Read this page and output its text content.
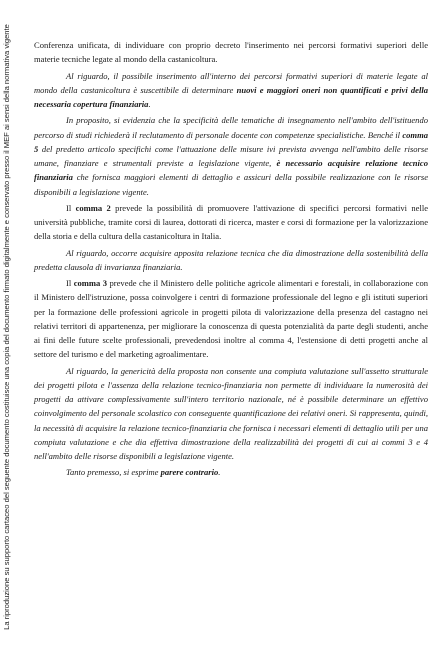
La riproduzione su supporto cartaceo del seguente documento costituisce una copia del documento firmato digitalmente e conservato presso il MEF ai sensi della normativa vigente	Conferenza unificata, di individuare con proprio decreto l'inserimento nei percorsi formativi superiori delle materie tecniche legate al mondo della castanicoltura.

Al riguardo, il possibile inserimento all'interno dei percorsi formativi superiori di materie legate al mondo della castanicoltura è suscettibile di determinare nuovi e maggiori oneri non quantificati e privi della necessaria copertura finanziaria.

In proposito, si evidenzia che la specificità delle tematiche di insegnamento nell'ambito dell'istituendo percorso di studi richiederà il reclutamento di personale docente con competenze specialistiche. Benché il comma 5 del predetto articolo specifichi come l'attuazione delle misure ivi prevista avvenga nell'ambito delle risorse umane, finanziare e strumentali previste a legislazione vigente, è necessario acquisire relazione tecnico finanziaria che fornisca maggiori elementi di dettaglio e assicuri della possibile realizzazione con le risorse disponibili a legislazione vigente.

Il comma 2 prevede la possibilità di promuovere l'attivazione di specifici percorsi formativi nelle università pubbliche, tramite corsi di laurea, dottorati di ricerca, master e corsi di formazione per la valorizzazione della storia e della cultura della castanicoltura in Italia.

Al riguardo, occorre acquisire apposita relazione tecnica che dia dimostrazione della sostenibilità della predetta clausola di invarianza finanziaria.

Il comma 3 prevede che il Ministero delle politiche agricole alimentari e forestali, in collaborazione con il Ministero dell'istruzione, possa coinvolgere i centri di formazione professionale del legno e gli istituti superiori per la formazione delle professioni agricole in progetti pilota di valorizzazione della presenza del castagno nei relativi territori di appartenenza, per migliorare la conoscenza di questa potenzialità da parte degli studenti, anche ai fini delle future scelte professionali, prevedendosi inoltre al comma 4, l'estensione di detti progetti anche al settore del turismo e del marketing agroalimentare.

Al riguardo, la genericità della proposta non consente una compiuta valutazione sull'assetto strutturale dei progetti pilota e l'assenza della relazione tecnico-finanziaria non permette di individuare la numerosità dei progetti da attivare complessivamente sull'intero territorio nazionale, né è possibile determinare un effettivo coinvolgimento del personale scolastico con conseguente quantificazione dei relativi oneri. Si rappresenta, quindi, la necessità di acquisire la relazione tecnico-finanziaria che fornisca i necessari elementi di dettaglio utili per una compiuta valutazione e che dia effettiva dimostrazione della realizzabilità dei progetti di cui ai commi 3 e 4 nell'ambito delle risorse disponibili a legislazione vigente.

Tanto premesso, si esprime parere contrario.
